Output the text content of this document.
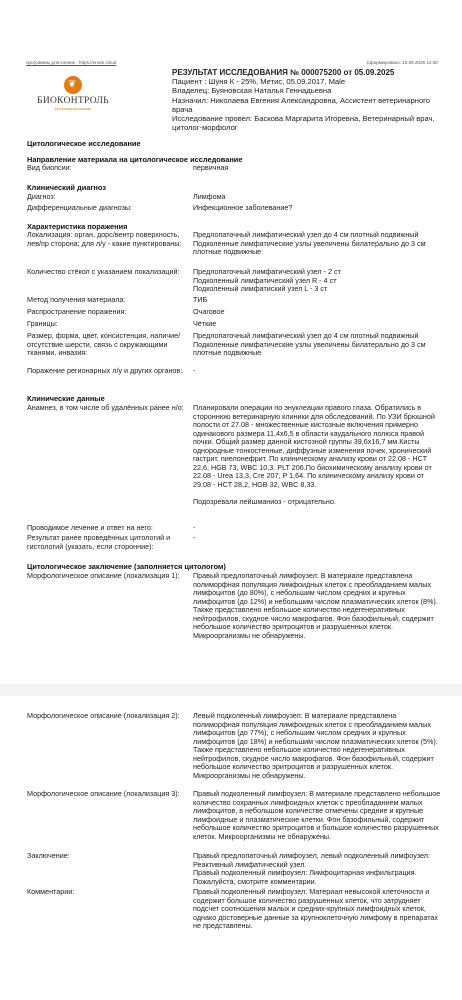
программы для клиник - https://enote.cloud	Сформировано: 10.09.2025 12:30
❦
БИОКОНТРОЛЬ
ветеринарная клиника
РЕЗУЛЬТАТ ИССЛЕДОВАНИЯ № 000075200 от 05.09.2025
Пациент : Шуня К - 25%, Метис, 05.09.2017, Male
Владелец: Буяновская Наталья Геннадьевна
Назначил: Николаева Евгения Александровна, Ассистент ветеринарного врача
Исследование провел: Баскова Маргарита Игоревна, Ветеринарный врач, цитолог-морфолог
Цитологическое исследование
Направление материала на цитологическое исследование
Вид биопсии:	первичная
Клинический диагноз
Диагноз:	Лимфома
Дифференциальные диагнозы:	Инфекционное заболевание?
Характеристика поражения
Локализация: орган, дорс/вентр поверхность, лев/пр сторона; для л/у - какие пунктированы:
Предлопаточный лимфатический узел до 4 см плотный подвижный
Подколенные лимфатические узлы увеличены билатерально до 3 см плотные подвижные
Количество стёкол с указанием локализаций:	Предлопаточный лимфатический узел - 2 ст
Подколенный лимфатический узел R - 4 ст
Подколенный лимфатиский узел L - 3 ст
Метод получения материала:	ТИБ
Распространение поражения:	Очаговое
Границы:	Чёткие
Размер, форма, цвет, консистенция, наличие/отсутствие шерсти, связь с окружающими тканями, инвазия:
Предлопаточный лимфатический узел до 4 см плотный подвижный
Подколенные лимфатические узлы увеличены билатерально до 3 см плотные подвижные
Поражение регионарных л/у и других органов:	-
Клинические данные
Анамнез, в том числе об удалённых ранее н/о:	Планировали операции по энуклеации правого глаза. Обратились в стороннюю ветеринарную клиники для обследований. По УЗИ брюшной полости от 27.08 - множественные кистозные включения примерно одинакового размера 11,4х6,5 в области каудального полюса правой почки. Общий размер данной кистозной группы 39,6х16,7 мм.Кисты однородные тонкостенные, диффузные изменения почек, хронический гастрит, пиелонефрит. По клиническому анализу крови от 22.08 - HCT 22,6, HGB 73, WBC 10,3. PLT 206.По биохимическому анализу крови от 22.08 - Urea 13,3, Cre 207, P 1,64. По клиническому анализу крови от 29.08 - HCT 28,2, HGB 32, WBC 8,33.

Подозревали лейшманиоз - отрицательно.
Проводимое лечение и ответ на него:	-
Результат ранее проведённых цитологий и гистологий (указать, если сторонние):
-
Цитологическое заключение (заполняется цитологом)
Морфологическое описание (локализация 1):	Правый предлопаточный лимфоузел: В материале представлена полиморфная популяция лимфоидных клеток с преобладанием малых лимфоцитов (до 80%), с небольшим числом средних и крупных лимфоцитов (до 12%) и небольшим числом плазматических клеток (8%). Также представлено небольшое количество недегенеративных нейтрофилов, скудное число макрофагов. Фон базофильный, содержит небольшое количество эритроцитов и разрушенных клеток. Микроорганизмы не обнаружены.
Морфологическое описание (локализация 2):	Левый подколенный лимфоузел: В материале представлена полиморфная популяция лимфоидных клеток с преобладанием малых лимфоцитов (до 77%), с небольшим числом средних и крупных лимфоцитов (до 18%) и небольшим числом плазматических клеток (5%). Также представлено небольшое количество недегенеративных нейтрофилов, скудное число макрофагов. Фон базофильный, содержит небольшое количество эритроцитов и разрушенных клеток. Микроорганизмы не обнаружены.
Морфологическое описание (локализация 3):	Правый подколенный лимфоузел: В материале представлено небольшое количество сохранных лимфоидных клеток с преобладанием малых лимфоцитов, в небольшом количестве отмечены средние и крупные лимфоидные и плазматические клетки. Фон базофильный, содержит небольшое количество эритроцитов и большое количество разрушенных клеток. Микроорганизмы не обнаружены.
Заключение:	Правый предлопаточный лимфоузел, левый подколенный лимфоузел: Реактивный лимфатический узел.
Правый подколенный лимфоузел: Лимфоцитарная инфильтрация. Пожалуйста, смотрите комментарии.
Комментарии:	Правый подколенный лимфоузел: Материал невысокой клеточности и содержит большое количество разрушенных клеток, что затрудняет подсчет соотношения малых и средних-крупных лимфоидных клеток, однако достоверные данные за крупноклеточную лимфому в препаратах не представлены.
